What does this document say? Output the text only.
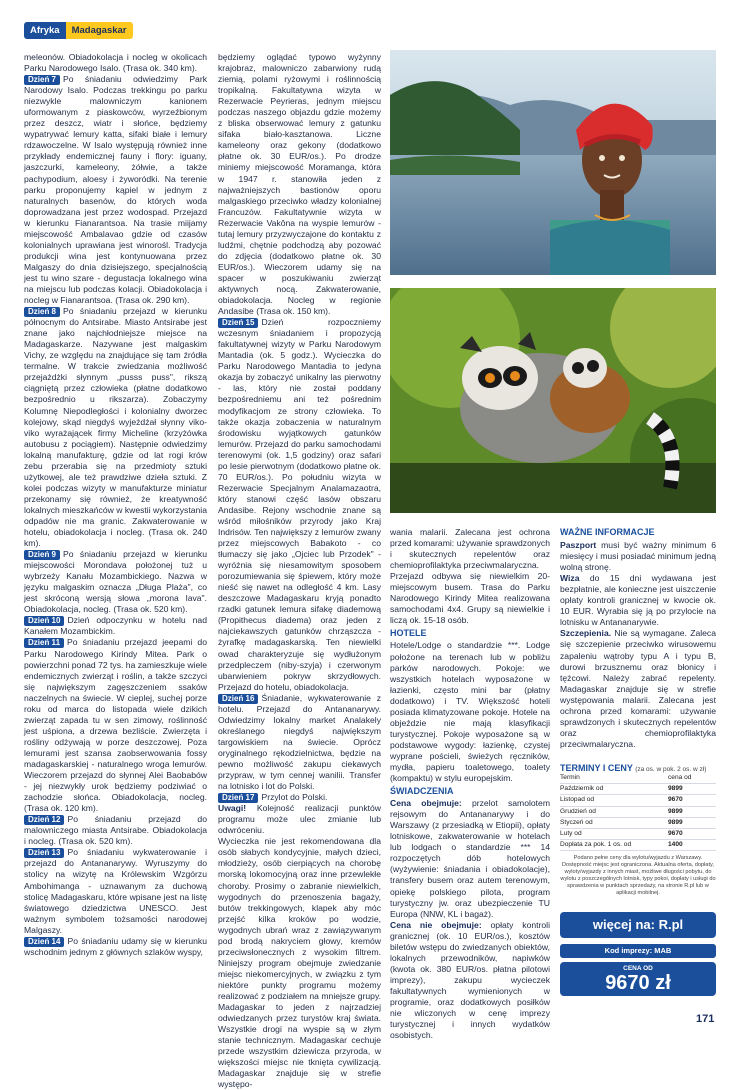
Afryka	Madagaskar

meleonów. Obiadokolacja i nocleg w okolicach Parku Narodowego Isalo. (Trasa ok. 340 km).

Dzień 7 Po śniadaniu odwiedzimy Park Narodowy Isalo. Podczas trekkingu po parku niezwykle malowniczym kanionem uformowanym z piaskowców, wyrzeźbionym przez deszcz, wiatr i słońce, będziemy wypatrywać lemury katta, sifaki białe i lemury rdzawoczelne. W Isalo występują również inne przykłady endemicznej fauny i flory: iguany, jaszczurki, kameleony, żółwie, a także pachypodium, aloesy i żyworódki. Na terenie parku proponujemy kąpiel w jednym z naturalnych basenów, do których woda doprowadzana jest przez wodospad. Przejazd w kierunku Fianarantsoa. Na trasie miijamy miejscowość Ambalavao gdzie od czasów kolonialnych uprawiana jest winorośl. Tradycja produkcji wina jest kontynuowana przez Malgaszy do dnia dzisiejszego, specjalnością jest tu wino szare - degustacja lokalnego wina na miejscu lub podczas kolacji. Obiadokolacja i nocleg w Fianarantsoa. (Trasa ok. 290 km).

Dzień 8 Po śniadaniu przejazd w kierunku północnym do Antsirabe. Miasto Antsirabe jest znane jako najchłodniejsze miejsce na Madagaskarze. Nazywane jest malgaskim Vichy, ze względu na znajdujące się tam źródła termalne. W trakcie zwiedzania możliwość przejażdżki słynnym „pusss puss", rikszą ciągniętą przez człowieka (płatne dodatkowo bezpośrednio u rikszarza). Zobaczymy Kolumnę Niepodległości i kolonialny dworzec kolejowy, skąd niegdyś wyjeżdżał słynny viko-viko wyrażającek firmy Micheline (krzyżówka autobusu z pociągiem). Następnie odwiedzimy lokalną manufakturę, gdzie od lat rogi krów zebu przerabia się na przedmioty sztuki użytkowej, ale też prawdziwe dzieła sztuki. Z kolei podczas wizyty w manufakturze miniatur przekonamy się również, że kreatywność lokalnych mieszkańców w kwestii wykorzystania odpadów nie ma granic. Zakwaterowanie w hotelu, obiadokolacja i nocleg. (Trasa ok. 240 km).

Dzień 9 Po śniadaniu przejazd w kierunku miejscowości Morondava położonej tuż u wybrzeży Kanału Mozambickiego. Nazwa w języku malgaskim oznacza „Długa Plaża", co jest skróconą wersją słowa „morona lava". Obiadokolacja, nocleg. (Trasa ok. 520 km).

Dzień 10 Dzień odpoczynku w hotelu nad Kanałem Mozambickim.

Dzień 11 Po śniadaniu przejazd jeepami do Parku Narodowego Kirindy Mitea. Park o powierzchni ponad 72 tys. ha zamieszkuje wiele endemicznych zwierząt i roślin, a także szczyci się największym zagęszczeniem ssaków naczelnych na świecie. W cieplej, suchej porze roku od marca do listopada wiele dzikich zwierząt zapada tu w sen zimowy, roślinność jest uśpiona, a drzewa bezliście. Zwierzęta i rośliny odżywają w porze deszczowej. Poza lemurami jest szansa zaobserwowania fossy madagaskarskiej - naturalnego wroga lemurów. Wieczorem przejazd do słynnej Alei Baobabów - jej niezwykły urok będziemy podziwiać o zachodzie słońca. Obiadokolacja, nocleg. (Trasa ok. 120 km).

Dzień 12 Po śniadaniu przejazd do malowniczego miasta Antsirabe. Obiadokolacja i nocleg. (Trasa ok. 520 km).

Dzień 13 Po śniadaniu wykwaterowanie i przejazd do Antananarywy. Wyruszymy do stolicy na wizytę na Królewskim Wzgórzu Ambohimanga - uznawanym za duchową stolicę Madagaskaru, które wpisane jest na listę światowego dziedzictwa UNESCO. Jest ważnym symbolem tożsamości narodowej Malgaszy.

Dzień 14 Po śniadaniu udamy się w kierunku wschodnim jednym z głównych szlaków wyspy,

będziemy oglądać typowo wyżynny krajobraz, malowniczo zabarwiony rudą ziemią, polami ryżowymi i roślinnością tropikalną. Fakultatywna wizyta w Rezerwacie Peyrieras, jednym miejscu podczas naszego objazdu gdzie możemy z bliska obserwować lemury z gatunku sifaka biało-kasztanowa. Liczne kameleony oraz gekony (dodatkowo płatne ok. 30 EUR/os.). Po drodze miniemy miejscowość Moramanga, która w 1947 r. stanowiła jeden z najważniejszych bastionów oporu malgaskiego przeciwko władzy kolonialnej Francuzów. Fakultatywnie wizyta w Rezerwacie Vakôna na wyspie lemurów - tutaj lemury przyzwyczajone do kontaktu z ludźmi, chętnie podchodzą aby pozować do zdjęcia (dodatkowo płatne ok. 30 EUR/os.). Wieczorem udamy się na spacer w poszukiwaniu zwierząt aktywnych nocą. Zakwaterowanie, obiadokolacja. Nocleg w regionie Andasibe (Trasa ok. 150 km).

Dzień 15 Dzień rozpoczniemy wczesnym śniadaniem i propozycją fakultatywnej wizyty w Parku Narodowym Mantadia (ok. 5 godz.). Wycieczka do Parku Narodowego Mantadia to jedyna okazja by zobaczyć unikalny las pierwotny - las, który nie został poddany bezpośredniemu ani też pośrednim modyfikacjom ze strony człowieka. To także okazja zobaczenia w naturalnym środowisku wyjątkowych gatunków lemurów. Przejazd do parku samochodami terenowymi (ok. 1,5 godziny) oraz safari po lesie pierwotnym (dodatkowo płatne ok. 70 EUR/os.). Po południu wizyta w Rezerwacie Specjalnym Analamazaotra, który stanowi część lasów obszaru Andasibe. Rejony wschodnie znane są wśród miłośników przyrody jako Kraj Indrisów. Ten największy z lemurów zwany przez miejscowych Babakoto - co tłumaczy się jako „Ojciec lub Przodek" - wyróżnia się niesamowitym sposobem porozumiewania się śpiewem, który może nieść się nawet na odległość 4 km. Lasy deszczowe Madagaskaru kryją ponadto rzadki gatunek lemura sifakę diademową (Propithecus diadema) oraz jeden z najciekawszych gatunków chrząszcza - żyrafkę madagaskarską. Ten niewielki owad charakteryzuje się wydłużonym przedpleczem (niby-szyja) i czerwonym ubarwieniem pokryw skrzydłowych. Przejazd do hotelu, obiadokolacja.

Dzień 16 Śniadanie, wykwaterowanie z hotelu. Przejazd do Antananarywy. Odwiedzimy lokalny market Analakely określanego niegdyś największym targowiskiem na świecie. Oprócz oryginalnego rękodzielnictwa, będzie na pewno możliwość zakupu ciekawych przypraw, w tym cennej wanilii. Transfer na lotnisko i lot do Polski.

Dzień 17 Przylot do Polski.

Uwagi! Kolejność realizacji punktów programu może ulec zmianie lub odwróceniu.

Wycieczka nie jest rekomendowana dla osób słabych kondycyjnie, małych dzieci, młodzieży, osób cierpiących na chorobę morską lokomocyjną oraz inne przewlekłe choroby. Prosimy o zabranie niewielkich, wygodnych do przenoszenia bagaży, butów trekkingowych, klapek aby móc przejść kilka kroków po wodzie, wygodnych ubrań wraz z zawiązywanym pod brodą nakryciem głowy, kremów przeciwsłonecznych z wysokim filtrem. Niniejszy program obejmuje zwiedzanie miejsc niekomercyjnych, w związku z tym niektóre punkty programu możemy realizować z podziałem na mniejsze grupy. Madagaskar to jeden z najrzadziej odwiedzanych przez turystów kraj świata. Wszystkie drogi na wyspie są w złym stanie technicznym. Madagaskar cechuje przede wszystkim dziewicza przyroda, w większości miejsc nie tknięta cywilizacją. Madagaskar znajduje się w strefie występo-

wania malarii. Zalecana jest ochrona przed komarami: używanie sprawdzonych i skutecznych repelentów oraz chemioprofilaktyka przeciwmalaryczna.

Przejazd odbywa się niewielkim 20-miejscowym busem. Trasa do Parku Narodowego Kirindy Mitea realizowana samochodami 4x4. Grupy są niewielkie i liczą ok. 15-18 osób.

HOTELE

Hotele/Lodge o standardzie ***. Lodge położone na terenach lub w pobliżu parków narodowych. Pokoje: we wszystkich hotelach wyposażone w łazienki, często mini bar (płatny dodatkowo) i TV. Większość hoteli posiada klimatyzowane pokoje. Hotele na objeździe nie mają klasyfikacji turystycznej. Pokoje wyposażone są w podstawowe wygody: łazienkę, czystej wyprane pościeli, świeżych ręczników, mydła, papieru toaletowego, toalety (kompaktu) w stylu europejskim.

ŚWIADCZENIA

Cena obejmuje: przelot samolotem rejsowym do Antananarywy i do Warszawy (z przesiadką w Etiopii), opłaty lotniskowe, zakwaterowanie w hotelach lub lodgach o standardzie *** 14 rozpoczętych dób hotelowych (wyżywienie: śniadania i obiadokolacje), transfery busem oraz autem terenowym, opiekę polskiego pilota, program turystyczny jw. oraz ubezpieczenie TU Europa (NNW, KL i bagaż).

Cena nie obejmuje: opłaty kontroli granicznej (ok. 10 EUR/os.), kosztów biletów wstępu do zwiedzanych obiektów, lokalnych przewodników, napiwków (kwota ok. 380 EUR/os. płatna pilotowi imprezy), zakupu wycieczek fakultatywnych wymienionych w programie, oraz dodatkowych posiłków nie wliczonych w cenę imprezy turystycznej i innych wydatków osobistych.

WAŻNE INFORMACJE

Paszport musi być ważny minimum 6 miesięcy i musi posiadać minimum jedną wolną stronę.

Wiza do 15 dni wydawana jest bezpłatnie, ale konieczne jest uiszczenie opłaty kontroli granicznej w kwocie ok. 10 EUR. Wyrabia się ją po przylocie na lotnisku w Antananarywie.

Szczepienia. Nie są wymagane. Zaleca się szczepienie przeciwko wirusowemu zapaleniu wątroby typu A i typu B, durowi brzusznemu oraz błonicy i tężcowi. Należy zabrać repelenty. Madagaskar znajduje się w strefie występowania malarii. Zalecana jest ochrona przed komarami: używanie sprawdzonych i skutecznych repelentów oraz chemioprofilaktyka przeciwmalaryczna.

TERMINY I CENY (za os. w pok. 2 os. w zł)
Termin	cena od
Październik od	9899
Listopad od	9670
Grudzień od	9899
Styczeń od	9899
Luty od	9670
Dopłata za pok. 1 os. od	1400
Podano pełne ceny dla wylotu/wyjazdu z Warszawy. Dostępność miejsc jest ograniczona. Aktualna oferta, dopłaty, wyloty/wyjazdy z innych miast, możliwe długości pobytu, do wylotu z poszczególnych lotnisk, typy pokoi, dopłaty i usługi do sprawdzenia w punktach sprzedaży, na stronie R.pl lub w aplikacji mobilnej.
więcej na: R.pl
Kod imprezy: MAB
CENA OD
9670 zł
171
